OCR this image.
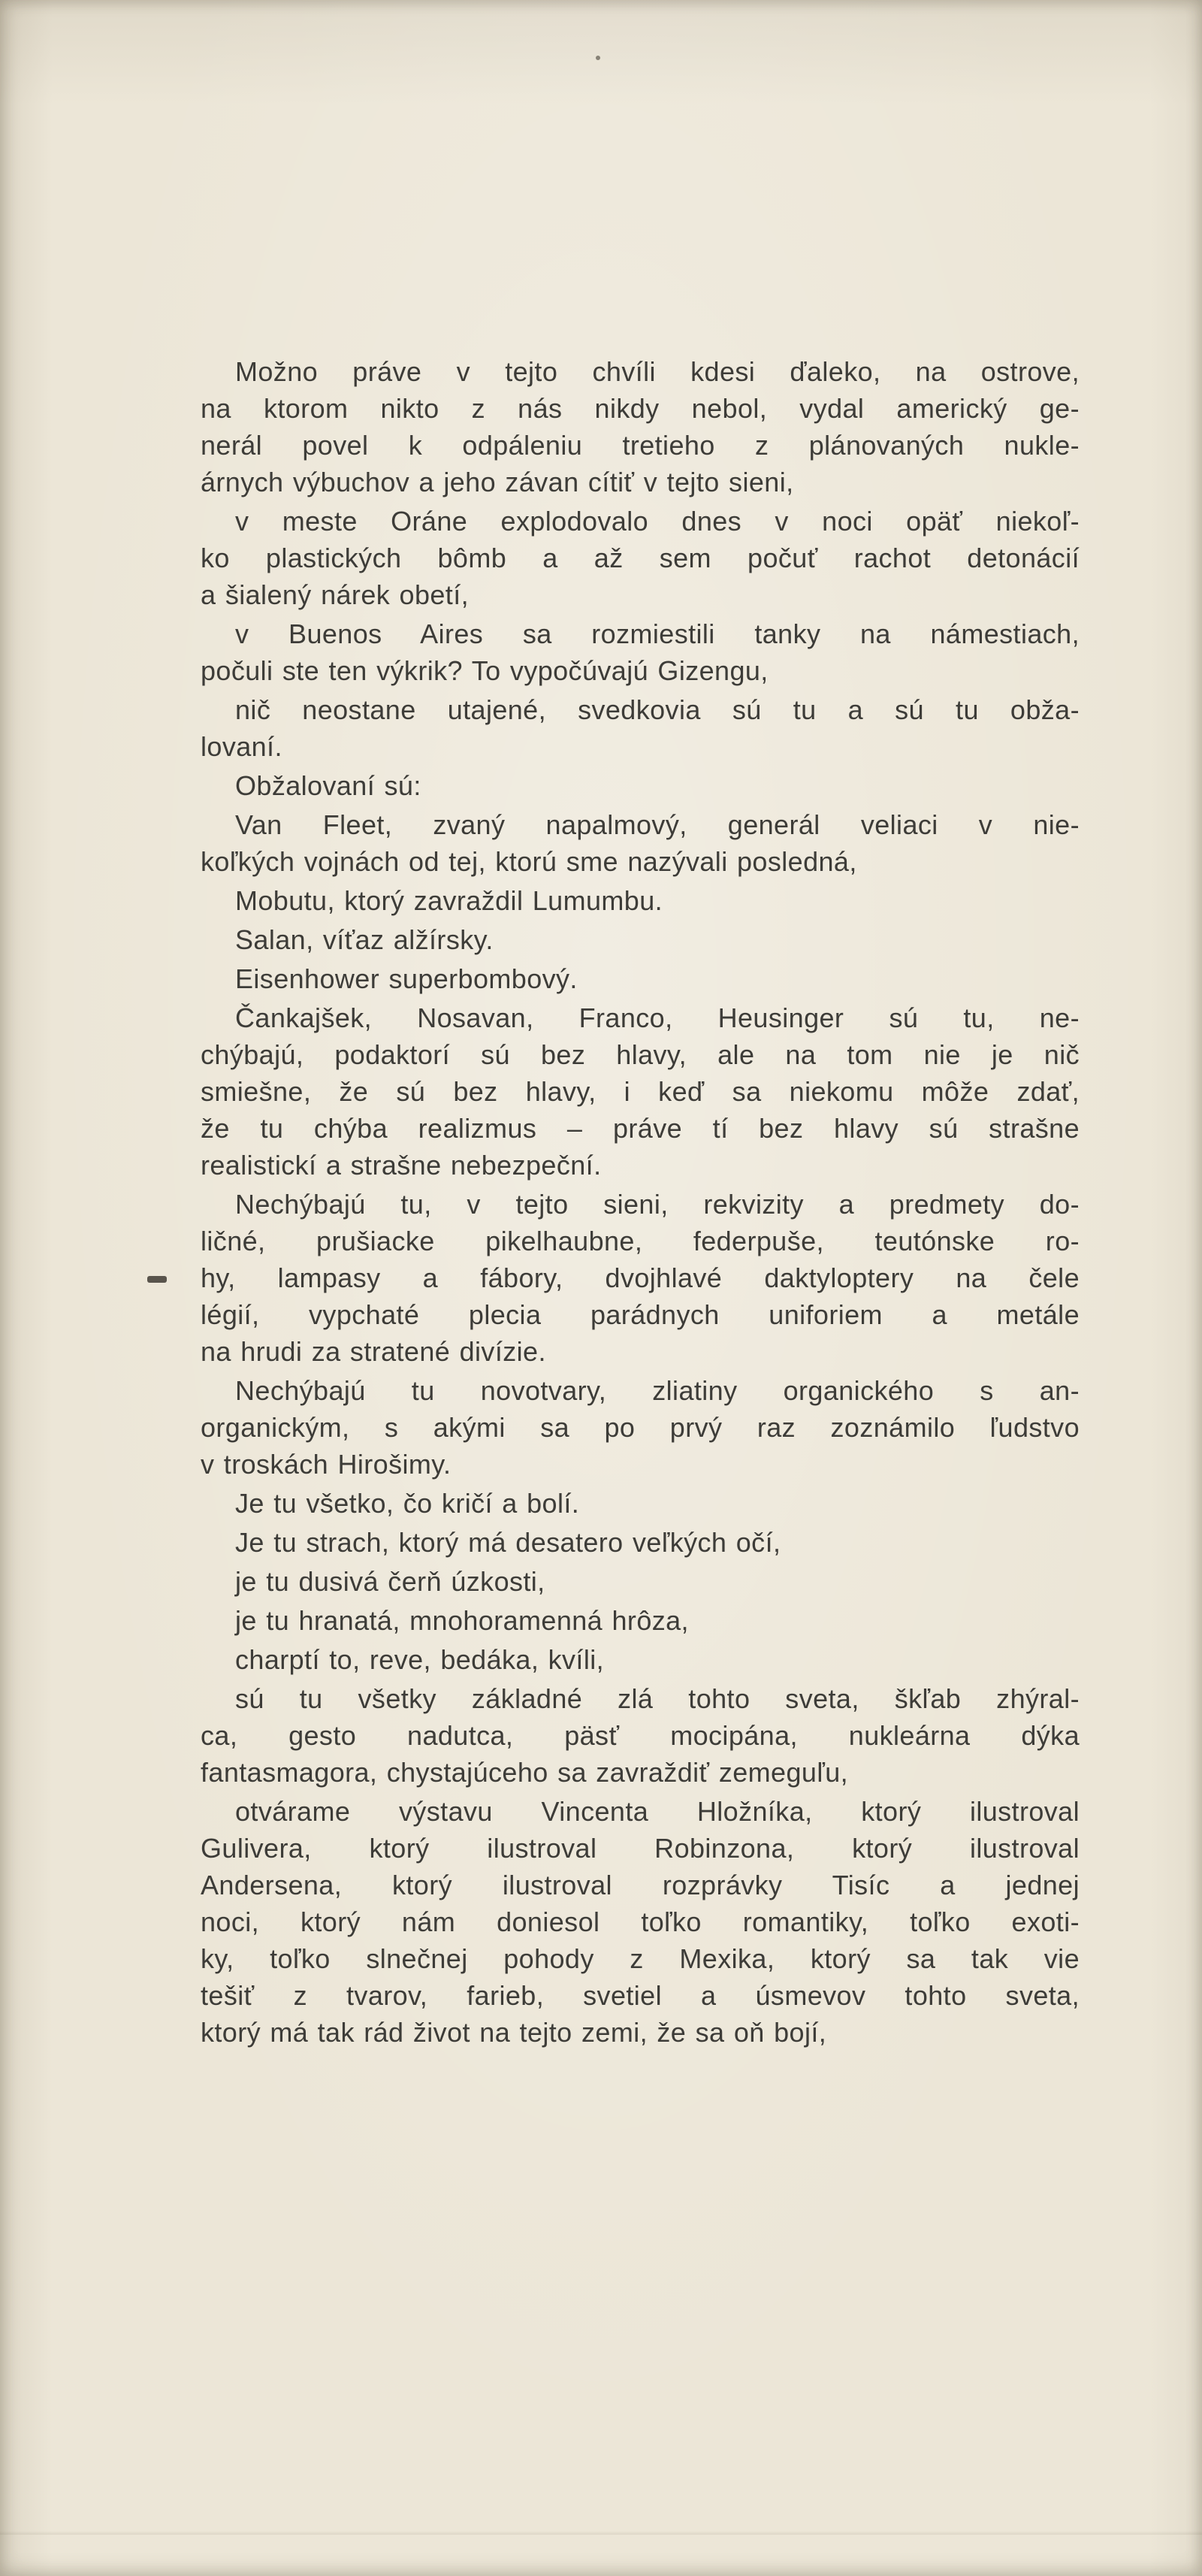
Možno práve v tejto chvíli kdesi ďaleko, na ostrove,
na ktorom nikto z nás nikdy nebol, vydal americký ge-
nerál povel k odpáleniu tretieho z plánovaných nukle-
árnych výbuchov a jeho závan cítiť v tejto sieni,
v meste Oráne explodovalo dnes v noci opäť niekoľ-
ko plastických bômb a až sem počuť rachot detonácií
a šialený nárek obetí,
v Buenos Aires sa rozmiestili tanky na námestiach,
počuli ste ten výkrik? To vypočúvajú Gizengu,
nič neostane utajené, svedkovia sú tu a sú tu obža-
lovaní.
Obžalovaní sú:
Van Fleet, zvaný napalmový, generál veliaci v nie-
koľkých vojnách od tej, ktorú sme nazývali posledná,
Mobutu, ktorý zavraždil Lumumbu.
Salan, víťaz alžírsky.
Eisenhower superbombový.
Čankajšek, Nosavan, Franco, Heusinger sú tu, ne-
chýbajú, podaktorí sú bez hlavy, ale na tom nie je nič
smiešne, že sú bez hlavy, i keď sa niekomu môže zdať,
že tu chýba realizmus – práve tí bez hlavy sú strašne
realistickí a strašne nebezpeční.
Nechýbajú tu, v tejto sieni, rekvizity a predmety do-
ličné, prušiacke pikelhaubne, federpuše, teutónske ro-
hy, lampasy a fábory, dvojhlavé daktyloptery na čele
légií, vypchaté plecia parádnych uniforiem a metále
na hrudi za stratené divízie.
Nechýbajú tu novotvary, zliatiny organického s an-
organickým, s akými sa po prvý raz zoznámilo ľudstvo
v troskách Hirošimy.
Je tu všetko, čo kričí a bolí.
Je tu strach, ktorý má desatero veľkých očí,
je tu dusivá čerň úzkosti,
je tu hranatá, mnohoramenná hrôza,
charptí to, reve, bedáka, kvíli,
sú tu všetky základné zlá tohto sveta, škľab zhýral-
ca, gesto nadutca, päsť mocipána, nukleárna dýka
fantasmagora, chystajúceho sa zavraždiť zemeguľu,
otvárame výstavu Vincenta Hložníka, ktorý ilustroval
Gulivera, ktorý ilustroval Robinzona, ktorý ilustroval
Andersena, ktorý ilustroval rozprávky Tisíc a jednej
noci, ktorý nám doniesol toľko romantiky, toľko exoti-
ky, toľko slnečnej pohody z Mexika, ktorý sa tak vie
tešiť z tvarov, farieb, svetiel a úsmevov tohto sveta,
ktorý má tak rád život na tejto zemi, že sa oň bojí,
